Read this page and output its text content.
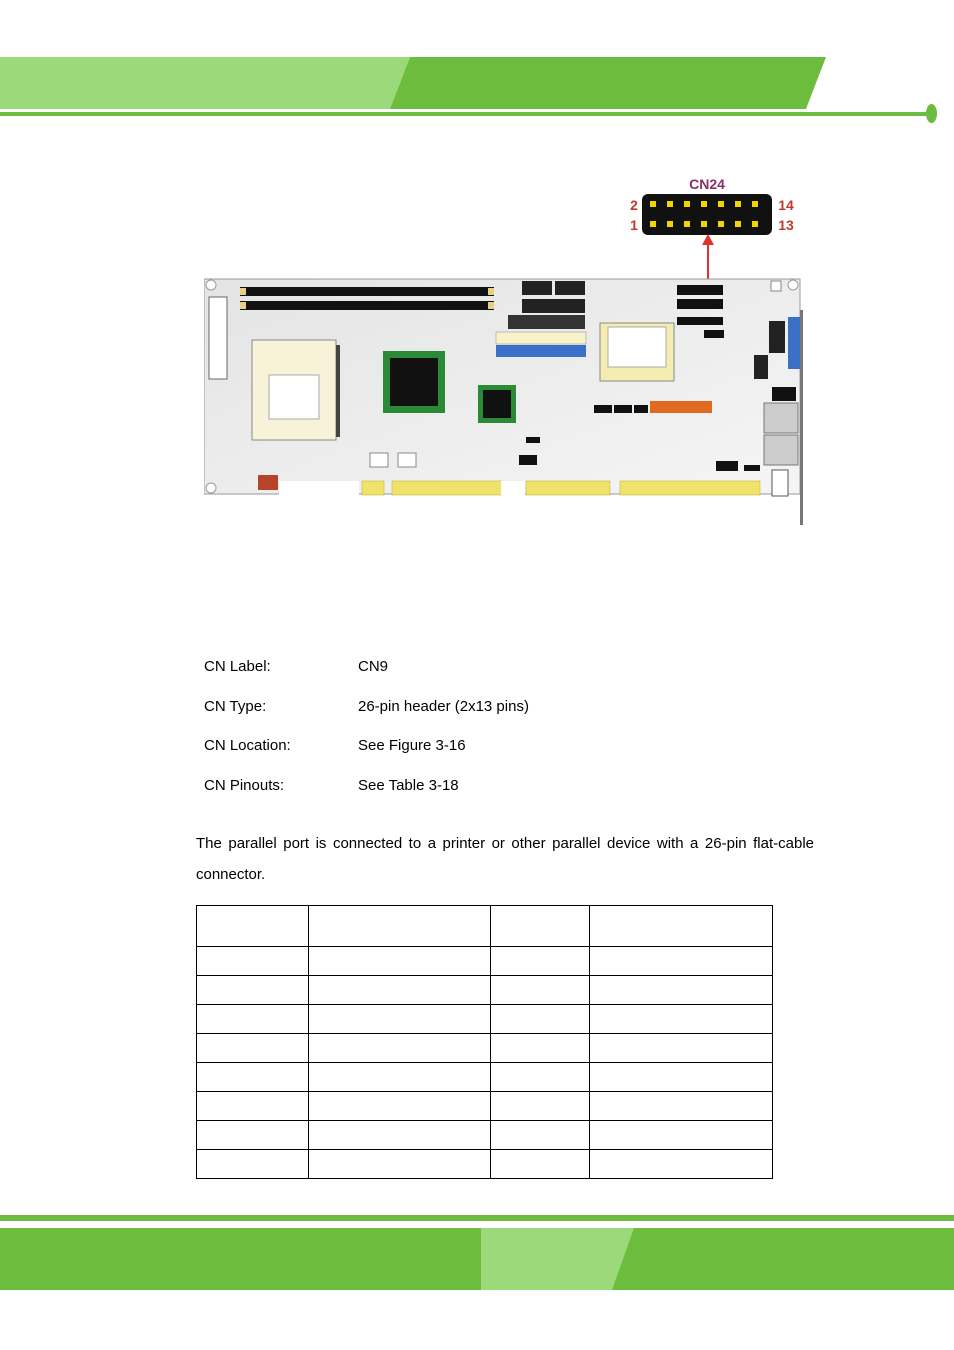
CN24
2
1
14
13
CN Label:	CN9
CN Type:	26-pin header (2x13 pins)
CN Location:	See Figure 3-16
CN Pinouts:	See Table 3-18
The parallel port is connected to a printer or other parallel device with a 26-pin flat-cable
connector.
